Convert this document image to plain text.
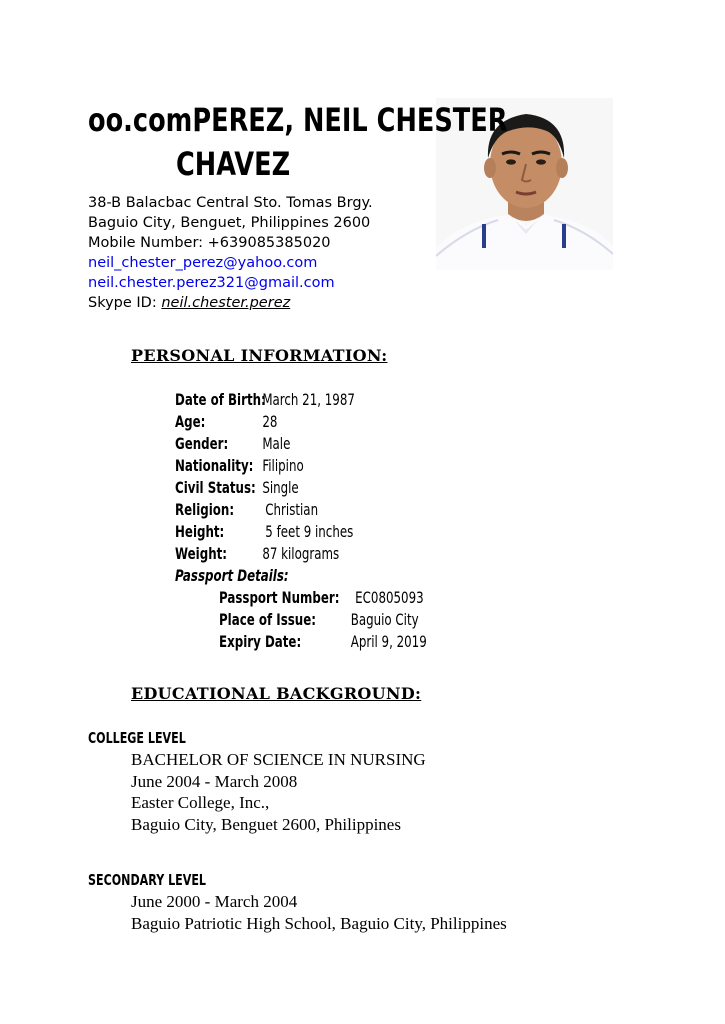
oo.comPEREZ, NEIL CHESTER
CHAVEZ
38-B Balacbac Central Sto. Tomas Brgy.
Baguio City, Benguet, Philippines 2600
Mobile Number: +639085385020
neil_chester_perez@yahoo.com
neil.chester.perez321@gmail.com
Skype ID: neil.chester.perez
PERSONAL INFORMATION:
Date of Birth:
March 21, 1987
Age:	28
Gender: Male
Nationality: Filipino
Civil Status: Single
Religion: Christian
Height:	5 feet 9 inches
Weight: 87 kilograms
Passport Details:
Passport Number: EC0805093
Place of Issue: Baguio City
Expiry Date:	April 9, 2019
EDUCATIONAL BACKGROUND:
COLLEGE LEVEL
BACHELOR OF SCIENCE IN NURSING
June 2004 - March 2008
Easter College, Inc.,
Baguio City, Benguet 2600, Philippines
SECONDARY LEVEL
June 2000 - March 2004
Baguio Patriotic High School, Baguio City, Philippines
